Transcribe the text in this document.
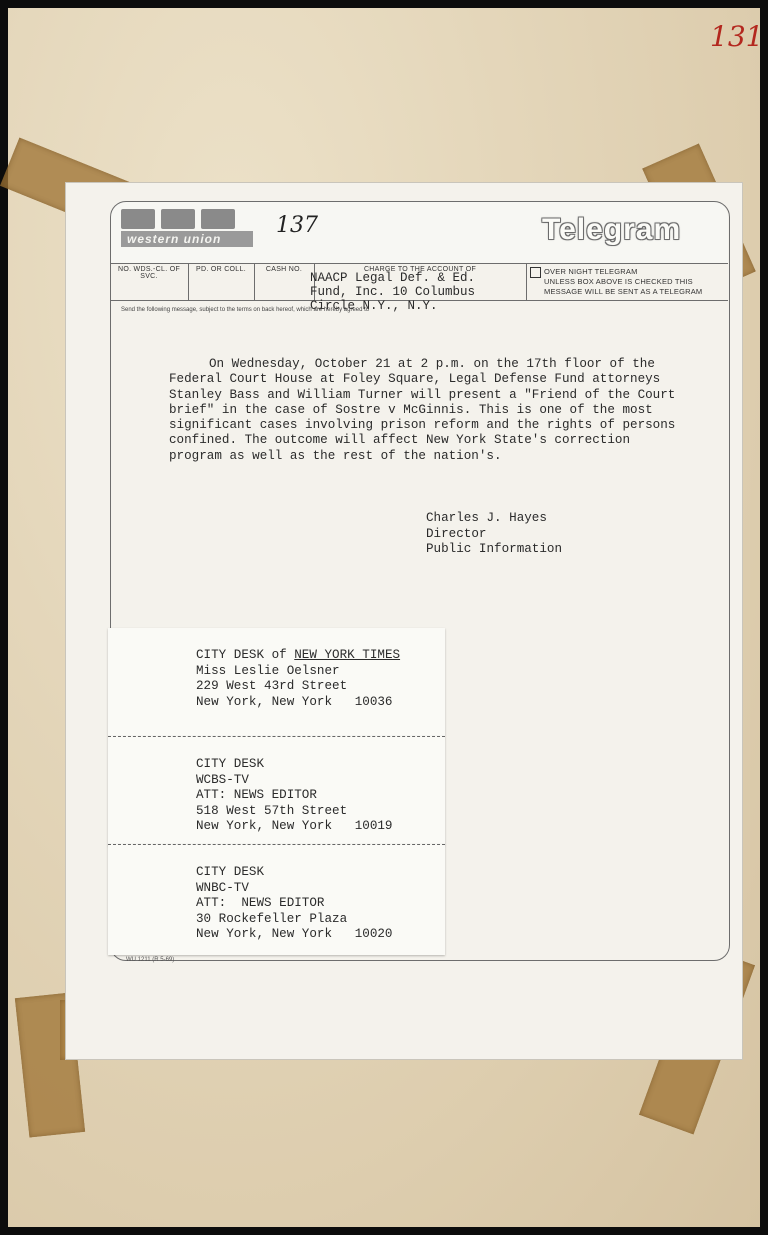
131
western union
137	Telegram
NO. WDS.-CL. OF SVC.
PD. OR COLL.	CASH NO.	CHARGE TO THE ACCOUNT OF
NAACP Legal Def. & Ed.
Fund, Inc. 10 Columbus
Circle N.Y., N.Y.
OVER NIGHT TELEGRAM
UNLESS BOX ABOVE IS CHECKED THIS
MESSAGE WILL BE SENT AS A TELEGRAM
Send the following message, subject to the terms on back hereof, which are hereby agreed to

On Wednesday, October 21 at 2 p.m. on the 17th floor of the Federal Court House at Foley Square, Legal Defense Fund attorneys Stanley Bass and William Turner will present a "Friend of the Court brief" in the case of Sostre v McGinnis. This is one of the most significant cases involving prison reform and the rights of persons confined. The outcome will affect New York State's correction program as well as the rest of the nation's.

Charles J. Hayes
Director
Public Information
WU 1211 (R 5-69)
CITY DESK of NEW YORK TIMES
Miss Leslie Oelsner
229 West 43rd Street
New York, New York   10036
CITY DESK
WCBS-TV
ATT: NEWS EDITOR
518 West 57th Street
New York, New York   10019
CITY DESK
WNBC-TV
ATT:  NEWS EDITOR
30 Rockefeller Plaza
New York, New York   10020
